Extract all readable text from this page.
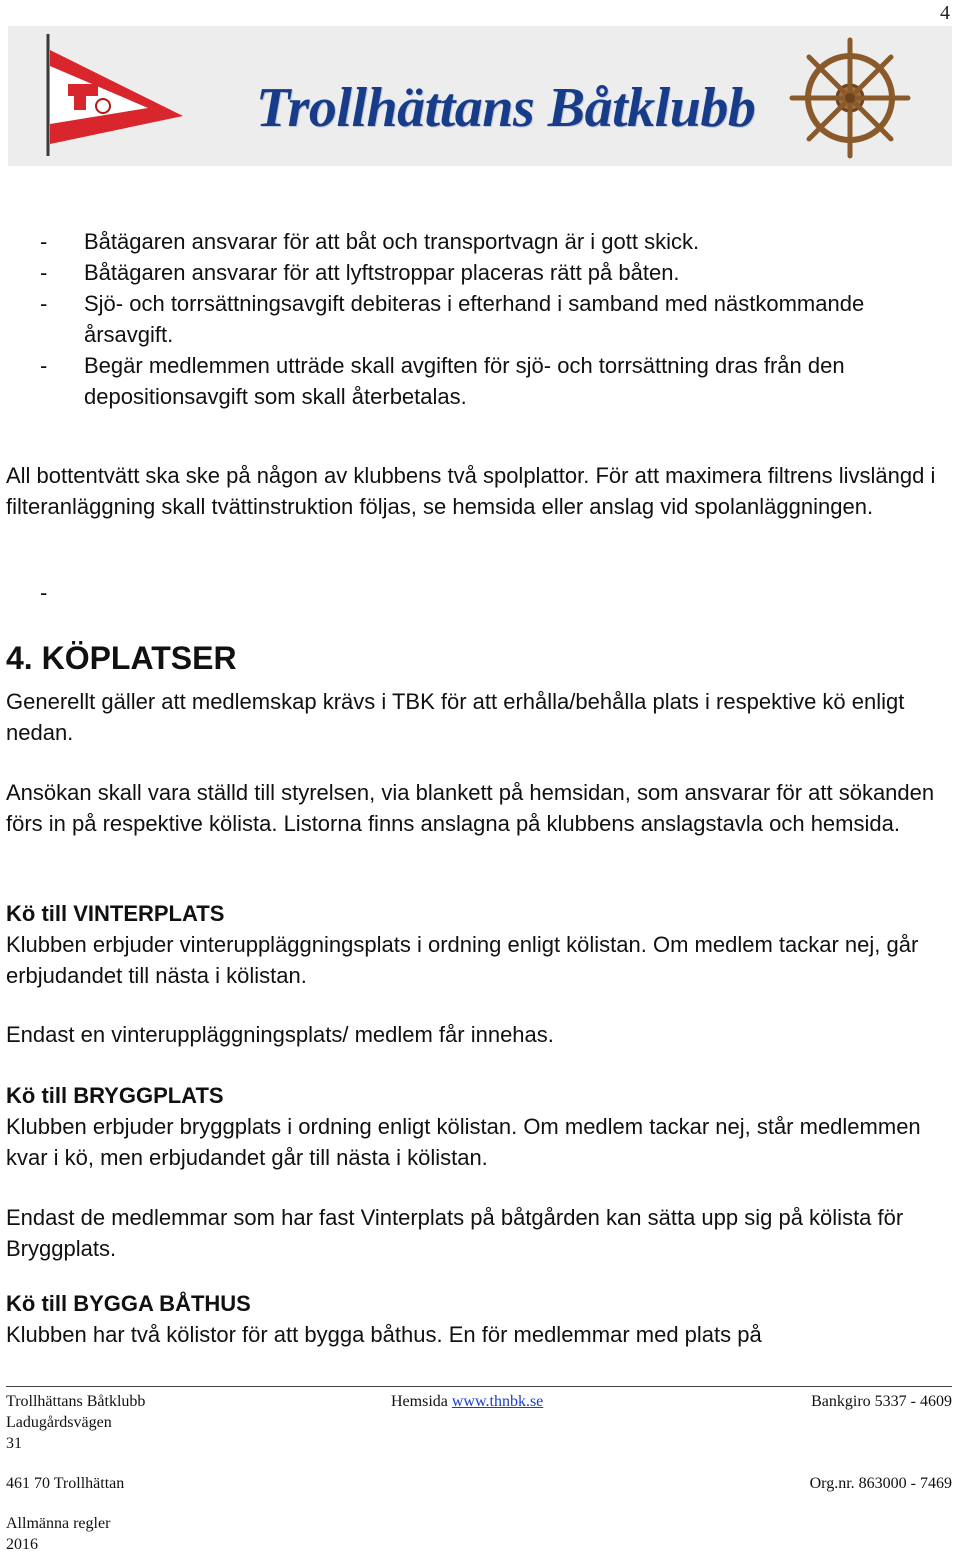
4
Trollhättans Båtklubb
-	Båtägaren ansvarar för att båt och transportvagn är i gott skick.
-	Båtägaren ansvarar för att lyftstroppar placeras rätt på båten.
-	Sjö- och torrsättningsavgift debiteras i efterhand i samband med nästkommande årsavgift.
-	Begär medlemmen utträde skall avgiften för sjö- och torrsättning dras från den depositionsavgift som skall återbetalas.
All bottentvätt ska ske på någon av klubbens två spolplattor. För att maximera filtrens livslängd i filteranläggning skall tvättinstruktion följas, se hemsida eller anslag vid spolanläggningen.
-
4. KÖPLATSER
Generellt gäller att medlemskap krävs i TBK för att erhålla/behålla plats i respektive kö enligt nedan.
Ansökan skall vara ställd till styrelsen, via blankett på hemsidan, som ansvarar för att sökanden förs in på respektive kölista. Listorna finns anslagna på klubbens anslagstavla och hemsida.
Kö till VINTERPLATS
Klubben erbjuder vinteruppläggningsplats i ordning enligt kölistan. Om medlem tackar nej, går erbjudandet till nästa i kölistan.
Endast en vinteruppläggningsplats/ medlem får innehas.
Kö till BRYGGPLATS
Klubben erbjuder bryggplats i ordning enligt kölistan. Om medlem tackar nej, står medlemmen kvar i kö, men erbjudandet går till nästa i kölistan.
Endast de medlemmar som har fast Vinterplats på båtgården kan sätta upp sig på kölista för Bryggplats.
Kö till BYGGA BÅTHUS
Klubben har två kölistor för att bygga båthus. En för medlemmar med plats på
Trollhättans Båtklubb	Hemsida www.thnbk.se	Bankgiro 5337 - 4609
Ladugårdsvägen
31
461 70 Trollhättan	Org.nr. 863000 - 7469
Allmänna regler
2016
